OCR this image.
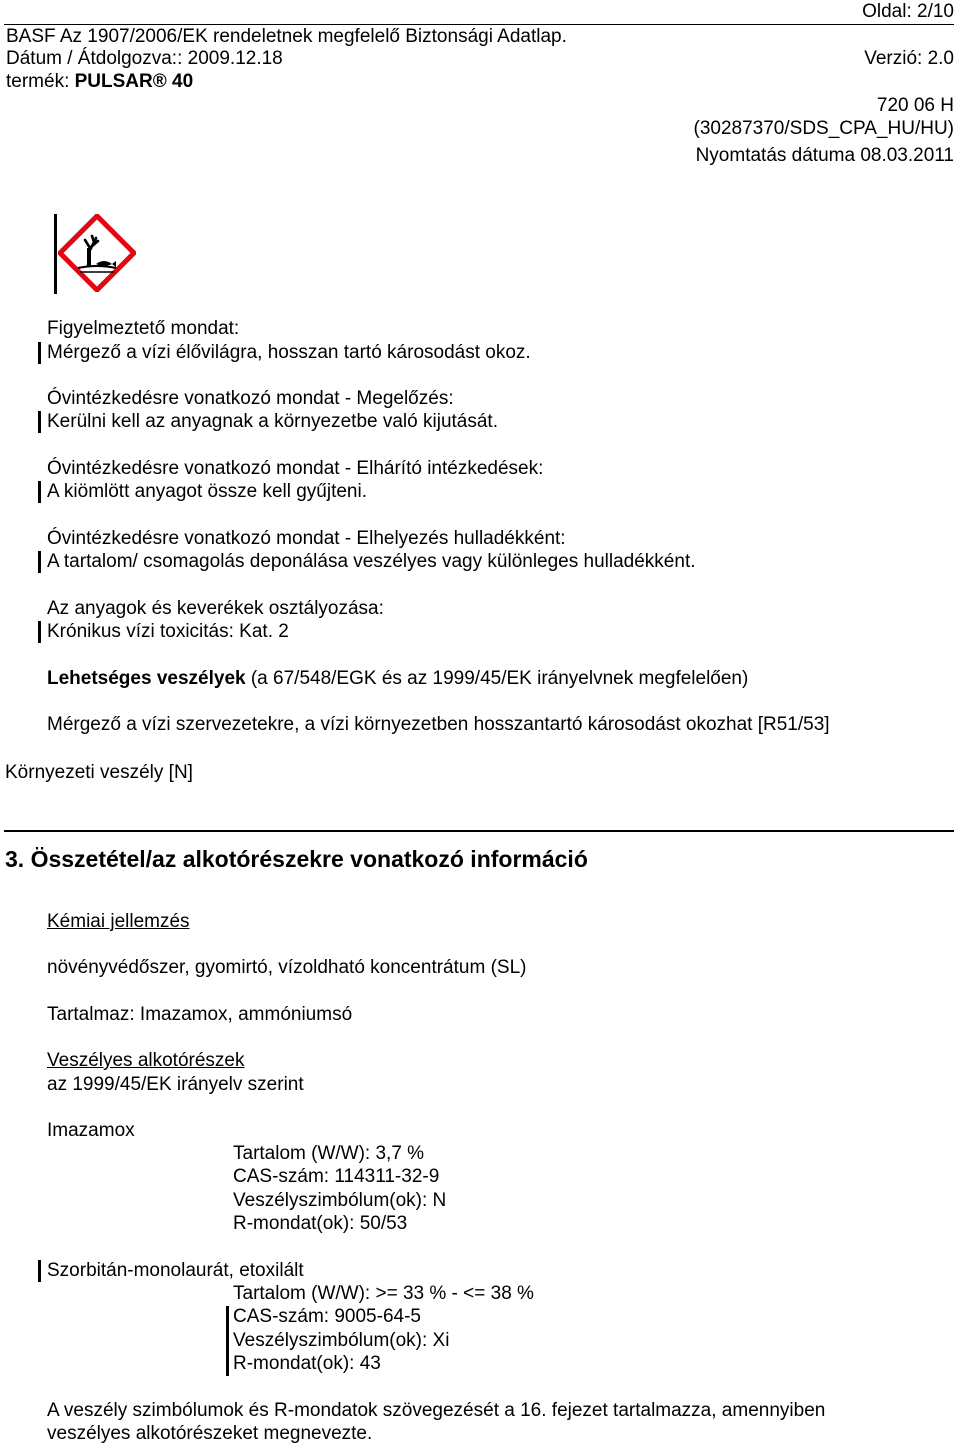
Oldal: 2/10
BASF Az 1907/2006/EK rendeletnek megfelelő Biztonsági Adatlap.
Dátum / Átdolgozva:: 2009.12.18	Verzió: 2.0
termék: PULSAR® 40
720 06 H
(30287370/SDS_CPA_HU/HU)
Nyomtatás dátuma 08.03.2011
Figyelmeztető mondat:
Mérgező a vízi élővilágra, hosszan tartó károsodást okoz.
Óvintézkedésre vonatkozó mondat - Megelőzés:
Kerülni kell az anyagnak a környezetbe való kijutását.
Óvintézkedésre vonatkozó mondat - Elhárító intézkedések:
A kiömlött anyagot össze kell gyűjteni.
Óvintézkedésre vonatkozó mondat - Elhelyezés hulladékként:
A tartalom/ csomagolás deponálása veszélyes vagy különleges hulladékként.
Az anyagok és keverékek osztályozása:
Krónikus vízi toxicitás: Kat. 2
Lehetséges veszélyek (a 67/548/EGK és az 1999/45/EK irányelvnek megfelelően)
Mérgező a vízi szervezetekre, a vízi környezetben hosszantartó károsodást okozhat [R51/53]
Környezeti veszély [N]
3. Összetétel/az alkotórészekre vonatkozó információ
Kémiai jellemzés
növényvédőszer, gyomirtó, vízoldható koncentrátum (SL)
Tartalmaz: Imazamox, ammóniumsó
Veszélyes alkotórészek
az 1999/45/EK irányelv szerint
Imazamox
Tartalom (W/W): 3,7 %
CAS-szám: 114311-32-9
Veszélyszimbólum(ok): N
R-mondat(ok): 50/53
Szorbitán-monolaurát, etoxilált
Tartalom (W/W): >= 33 % - <= 38 %
CAS-szám: 9005-64-5
Veszélyszimbólum(ok): Xi
R-mondat(ok): 43
A veszély szimbólumok és R-mondatok szövegezését a 16. fejezet tartalmazza, amennyiben
veszélyes alkotórészeket megnevezte.
